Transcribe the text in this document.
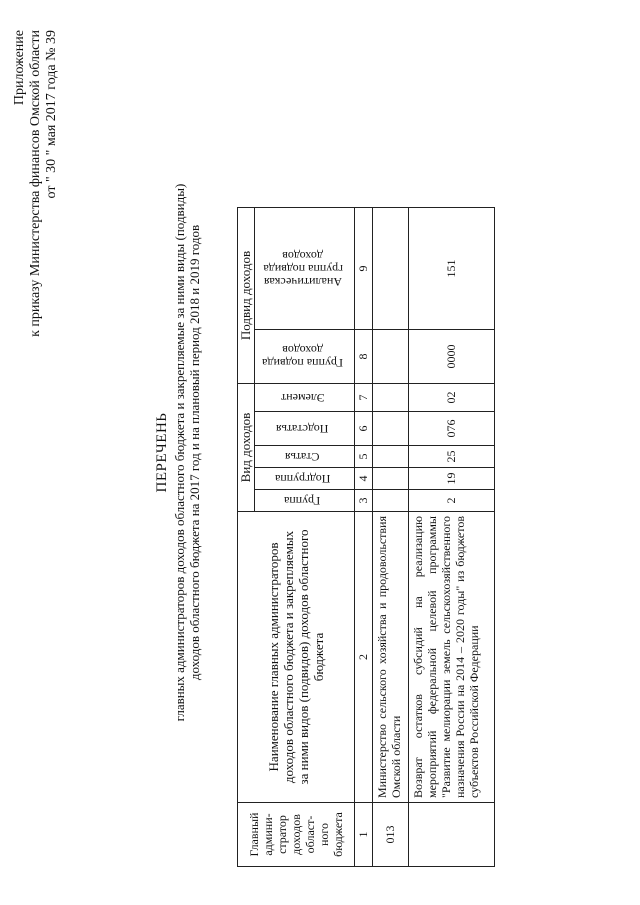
Приложение к приказу Министерства финансов Омской области от " 30 " мая 2017 года № 39
ПЕРЕЧЕНЬ главных администраторов доходов областного бюджета и закрепляемые за ними виды (подвиды) доходов областного бюджета на 2017 год и на плановый период 2018 и 2019 годов
Главный админи-стратор доходов област-ного бюджета	Наименование главных администраторов доходов областного бюджета и закрепляемых за ними видов (подвидов) доходов областного бюджета	Вид доходов					Подвид доходов	
		Группа	Подгруппа	Статья	Подстатья	Элемент	Группа подвида доходов	Аналитическая группа подвида доходов
1	2	3	4	5	6	7	8	9
013	Министерство сельского хозяйства и продовольствия Омской области							
	Возврат остатков субсидий на реализацию мероприятий федеральной целевой программы "Развитие мелиорации земель сельскохозяйственного назначения России на 2014 – 2020 годы" из бюджетов субъектов Российской Федерации	2	19	25	076	02	0000	151
